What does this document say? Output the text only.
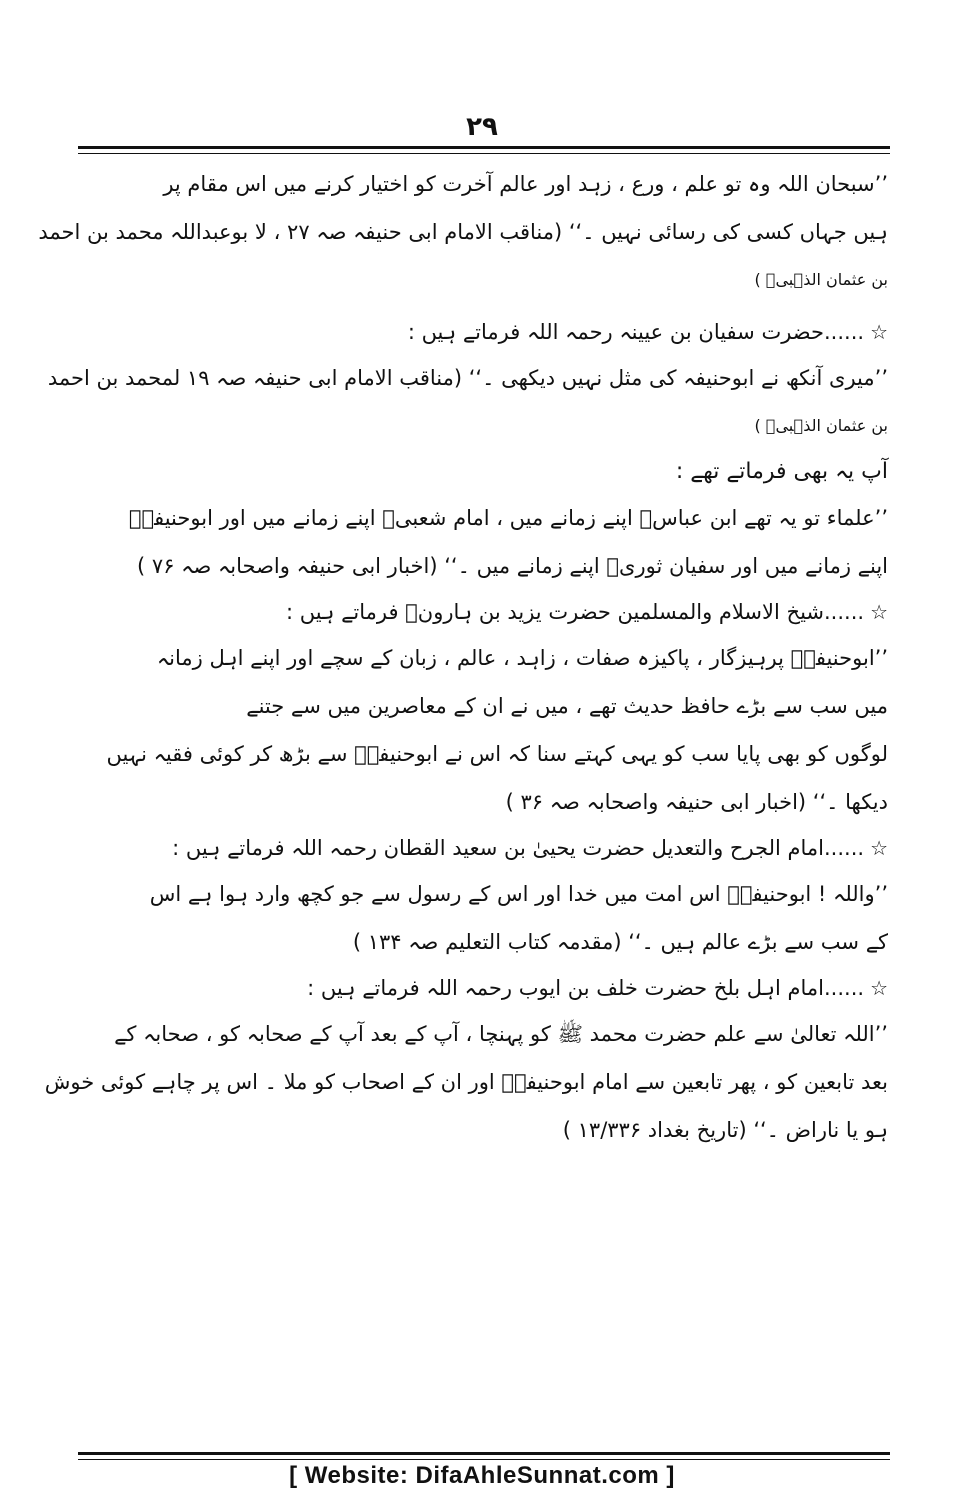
۲۹
’’سبحان اللہ وہ تو علم ، ورع ، زہد اور عالم آخرت کو اختیار کرنے میں اس مقام پر
ہیں جہاں کسی کی رسائی نہیں ۔‘‘ (مناقب الامام ابی حنیفہ صہ ۲۷ ، لا بوعبداللہ محمد بن احمد
بن عثمان الذہبیؒ )
☆
......حضرت سفیان بن عیینہ رحمہ اللہ فرماتے ہیں :
’’میری آنکھ نے ابوحنیفہ کی مثل نہیں دیکھی ۔‘‘ (مناقب الامام ابی حنیفہ صہ ۱۹ لمحمد بن احمد
بن عثمان الذہبیؒ )
آپ یہ بھی فرماتے تھے :
’’علماء تو یہ تھے ابن عباسؓ اپنے زمانے میں ، امام شعبیؒ اپنے زمانے میں اور ابوحنیفہؒ
اپنے زمانے میں اور سفیان ثوریؒ اپنے زمانے میں ۔‘‘ (اخبار ابی حنیفہ واصحابہ صہ ۷۶ )
☆
......شیخ الاسلام والمسلمین حضرت یزید بن ہارونؒ فرماتے ہیں :
’’ابوحنیفہؒ پرہیزگار ، پاکیزہ صفات ، زاہد ، عالم ، زبان کے سچے اور اپنے اہل زمانہ
میں سب سے بڑے حافظ حدیث تھے ، میں نے ان کے معاصرین میں سے جتنے
لوگوں کو بھی پایا سب کو یہی کہتے سنا کہ اس نے ابوحنیفہؒ سے بڑھ کر کوئی فقیہ نہیں
دیکھا ۔‘‘ (اخبار ابی حنیفہ واصحابہ صہ ۳۶ )
☆
......امام الجرح والتعدیل حضرت یحییٰ بن سعید القطان رحمہ اللہ فرماتے ہیں :
’’واللہ ! ابوحنیفہؒ اس امت میں خدا اور اس کے رسول سے جو کچھ وارد ہوا ہے اس
کے سب سے بڑے عالم ہیں ۔‘‘ (مقدمہ کتاب التعلیم صہ ۱۳۴ )
☆
......امام اہل بلخ حضرت خلف بن ایوب رحمہ اللہ فرماتے ہیں :
’’اللہ تعالیٰ سے علم حضرت محمد ﷺ کو پہنچا ، آپ کے بعد آپ کے صحابہ کو ، صحابہ کے
بعد تابعین کو ، پھر تابعین سے امام ابوحنیفہؒ اور ان کے اصحاب کو ملا ۔ اس پر چاہے کوئی خوش
ہو یا ناراض ۔‘‘ (تاریخ بغداد ۱۳/۳۳۶ )
[ Website: DifaAhleSunnat.com ]
